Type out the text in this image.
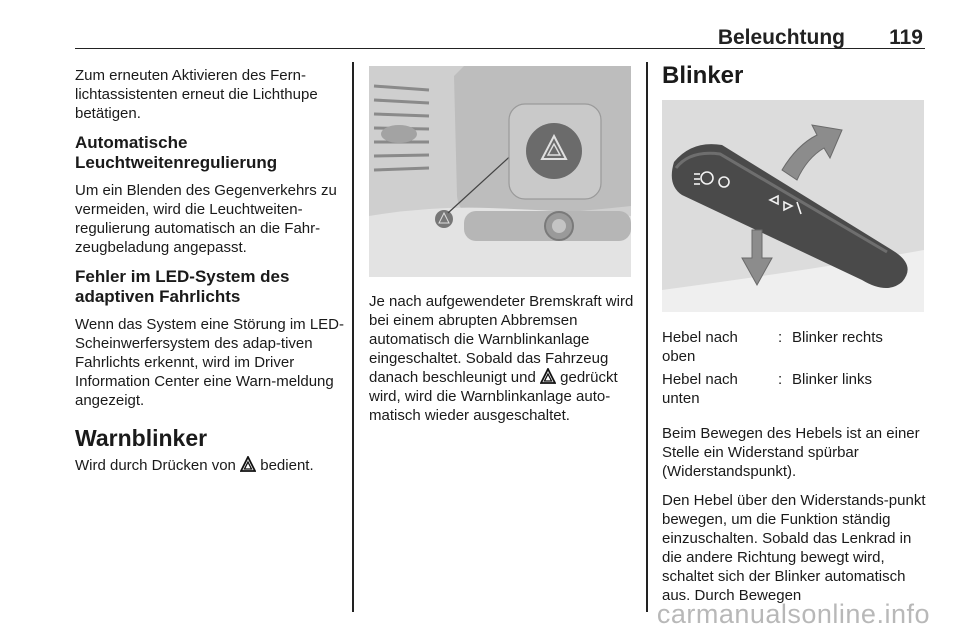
Beleuchtung 119

Zum erneuten Aktivieren des Fern-lichtassistenten erneut die Lichthupe betätigen.

Automatische Leuchtweitenregulierung

Um ein Blenden des Gegenverkehrs zu vermeiden, wird die Leuchtweiten-regulierung automatisch an die Fahr-zeugbeladung angepasst.

Fehler im LED-System des adaptiven Fahrlichts

Wenn das System eine Störung im LED-Scheinwerfersystem des adap-tiven Fahrlichts erkennt, wird im Driver Information Center eine Warn-meldung angezeigt.

Warnblinker

Wird durch Drücken von bedient.

Je nach aufgewendeter Bremskraft wird bei einem abrupten Abbremsen automatisch die Warnblinkanlage eingeschaltet. Sobald das Fahrzeug danach beschleunigt und gedrückt wird, wird die Warnblinkanlage auto-matisch wieder ausgeschaltet.

Blinker
Hebel nach oben	:	Blinker rechts
Hebel nach unten	:	Blinker links

Beim Bewegen des Hebels ist an einer Stelle ein Widerstand spürbar (Widerstandspunkt).

Den Hebel über den Widerstands-punkt bewegen, um die Funktion ständig einzuschalten. Sobald das Lenkrad in die andere Richtung bewegt wird, schaltet sich der Blinker automatisch aus. Durch Bewegen

carmanualsonline.info
